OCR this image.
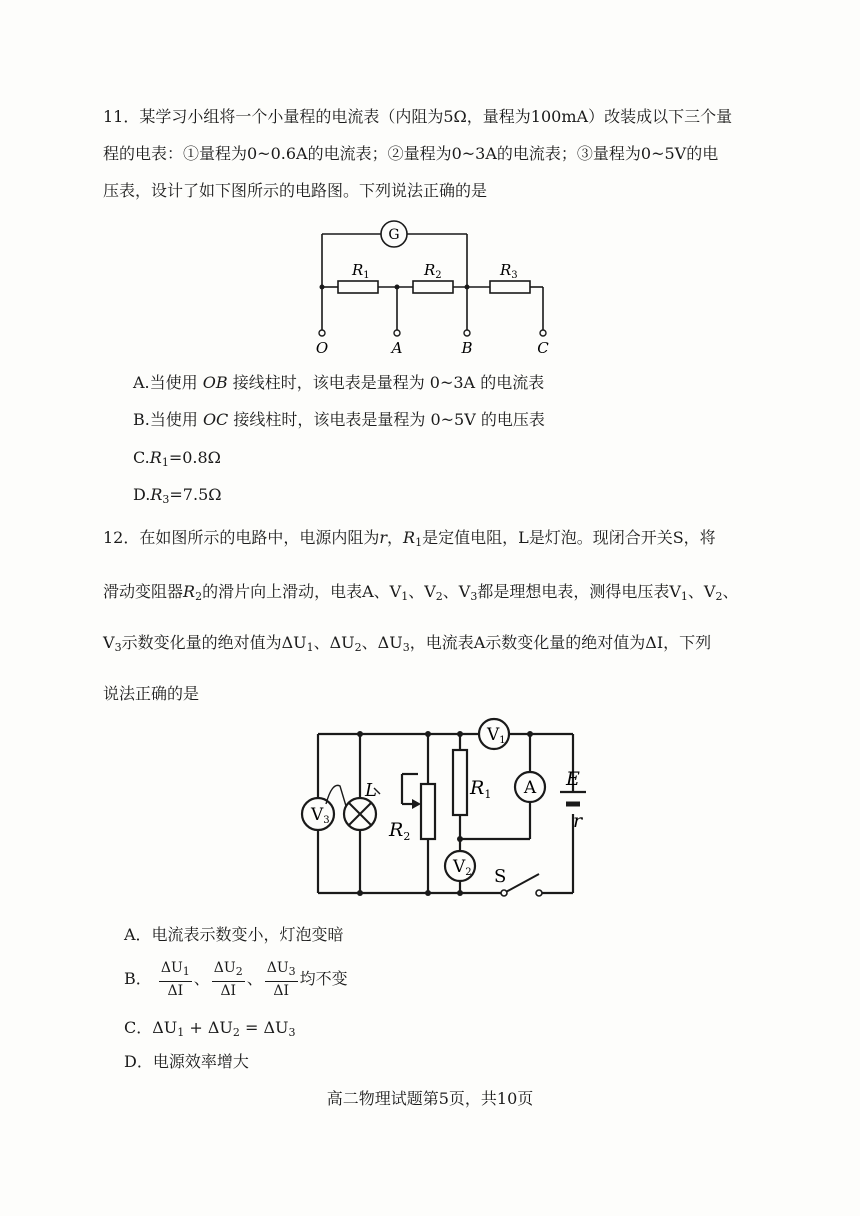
11．某学习小组将一个小量程的电流表（内阻为5Ω，量程为100mA）改装成以下三个量
程的电表：①量程为0~0.6A的电流表；②量程为0~3A的电流表；③量程为0~5V的电
压表，设计了如下图所示的电路图。下列说法正确的是
G
$R_1$	$R_2$	$R_3$
O	A	B	C
A.当使用 OB 接线柱时，该电表是量程为 0~3A 的电流表
B.当使用 OC 接线柱时，该电表是量程为 0~5V 的电压表
$C.R_1=0.8\Omega$
$D.R_3=7.5\Omega$
12．在如图所示的电路中，电源内阻为r，$R_1$是定值电阻，L是灯泡。现闭合开关S，将
滑动变阻器$R_2$的滑片向上滑动，电表A、$V_1$、$V_2$、$V_3$都是理想电表，测得电压表$V_1$、$V_2$、
$V_3$示数变化量的绝对值为$\Delta U_1$、$\Delta U_2$、$\Delta U_3$，电流表A示数变化量的绝对值为ΔI，下列
说法正确的是
V3
V1
V2
A
L
$R_2$
$R_1$
E
r
S
A．电流表示数变小，灯泡变暗
B． $\frac{\Delta U_1}{\Delta I}$ 、 $\frac{\Delta U_2}{\Delta I}$ 、 $\frac{\Delta U_3}{\Delta I}$ 均不变
C．$\Delta U_1 + \Delta U_2 = \Delta U_3$
D．电源效率增大
高二物理试题第5页，共10页
